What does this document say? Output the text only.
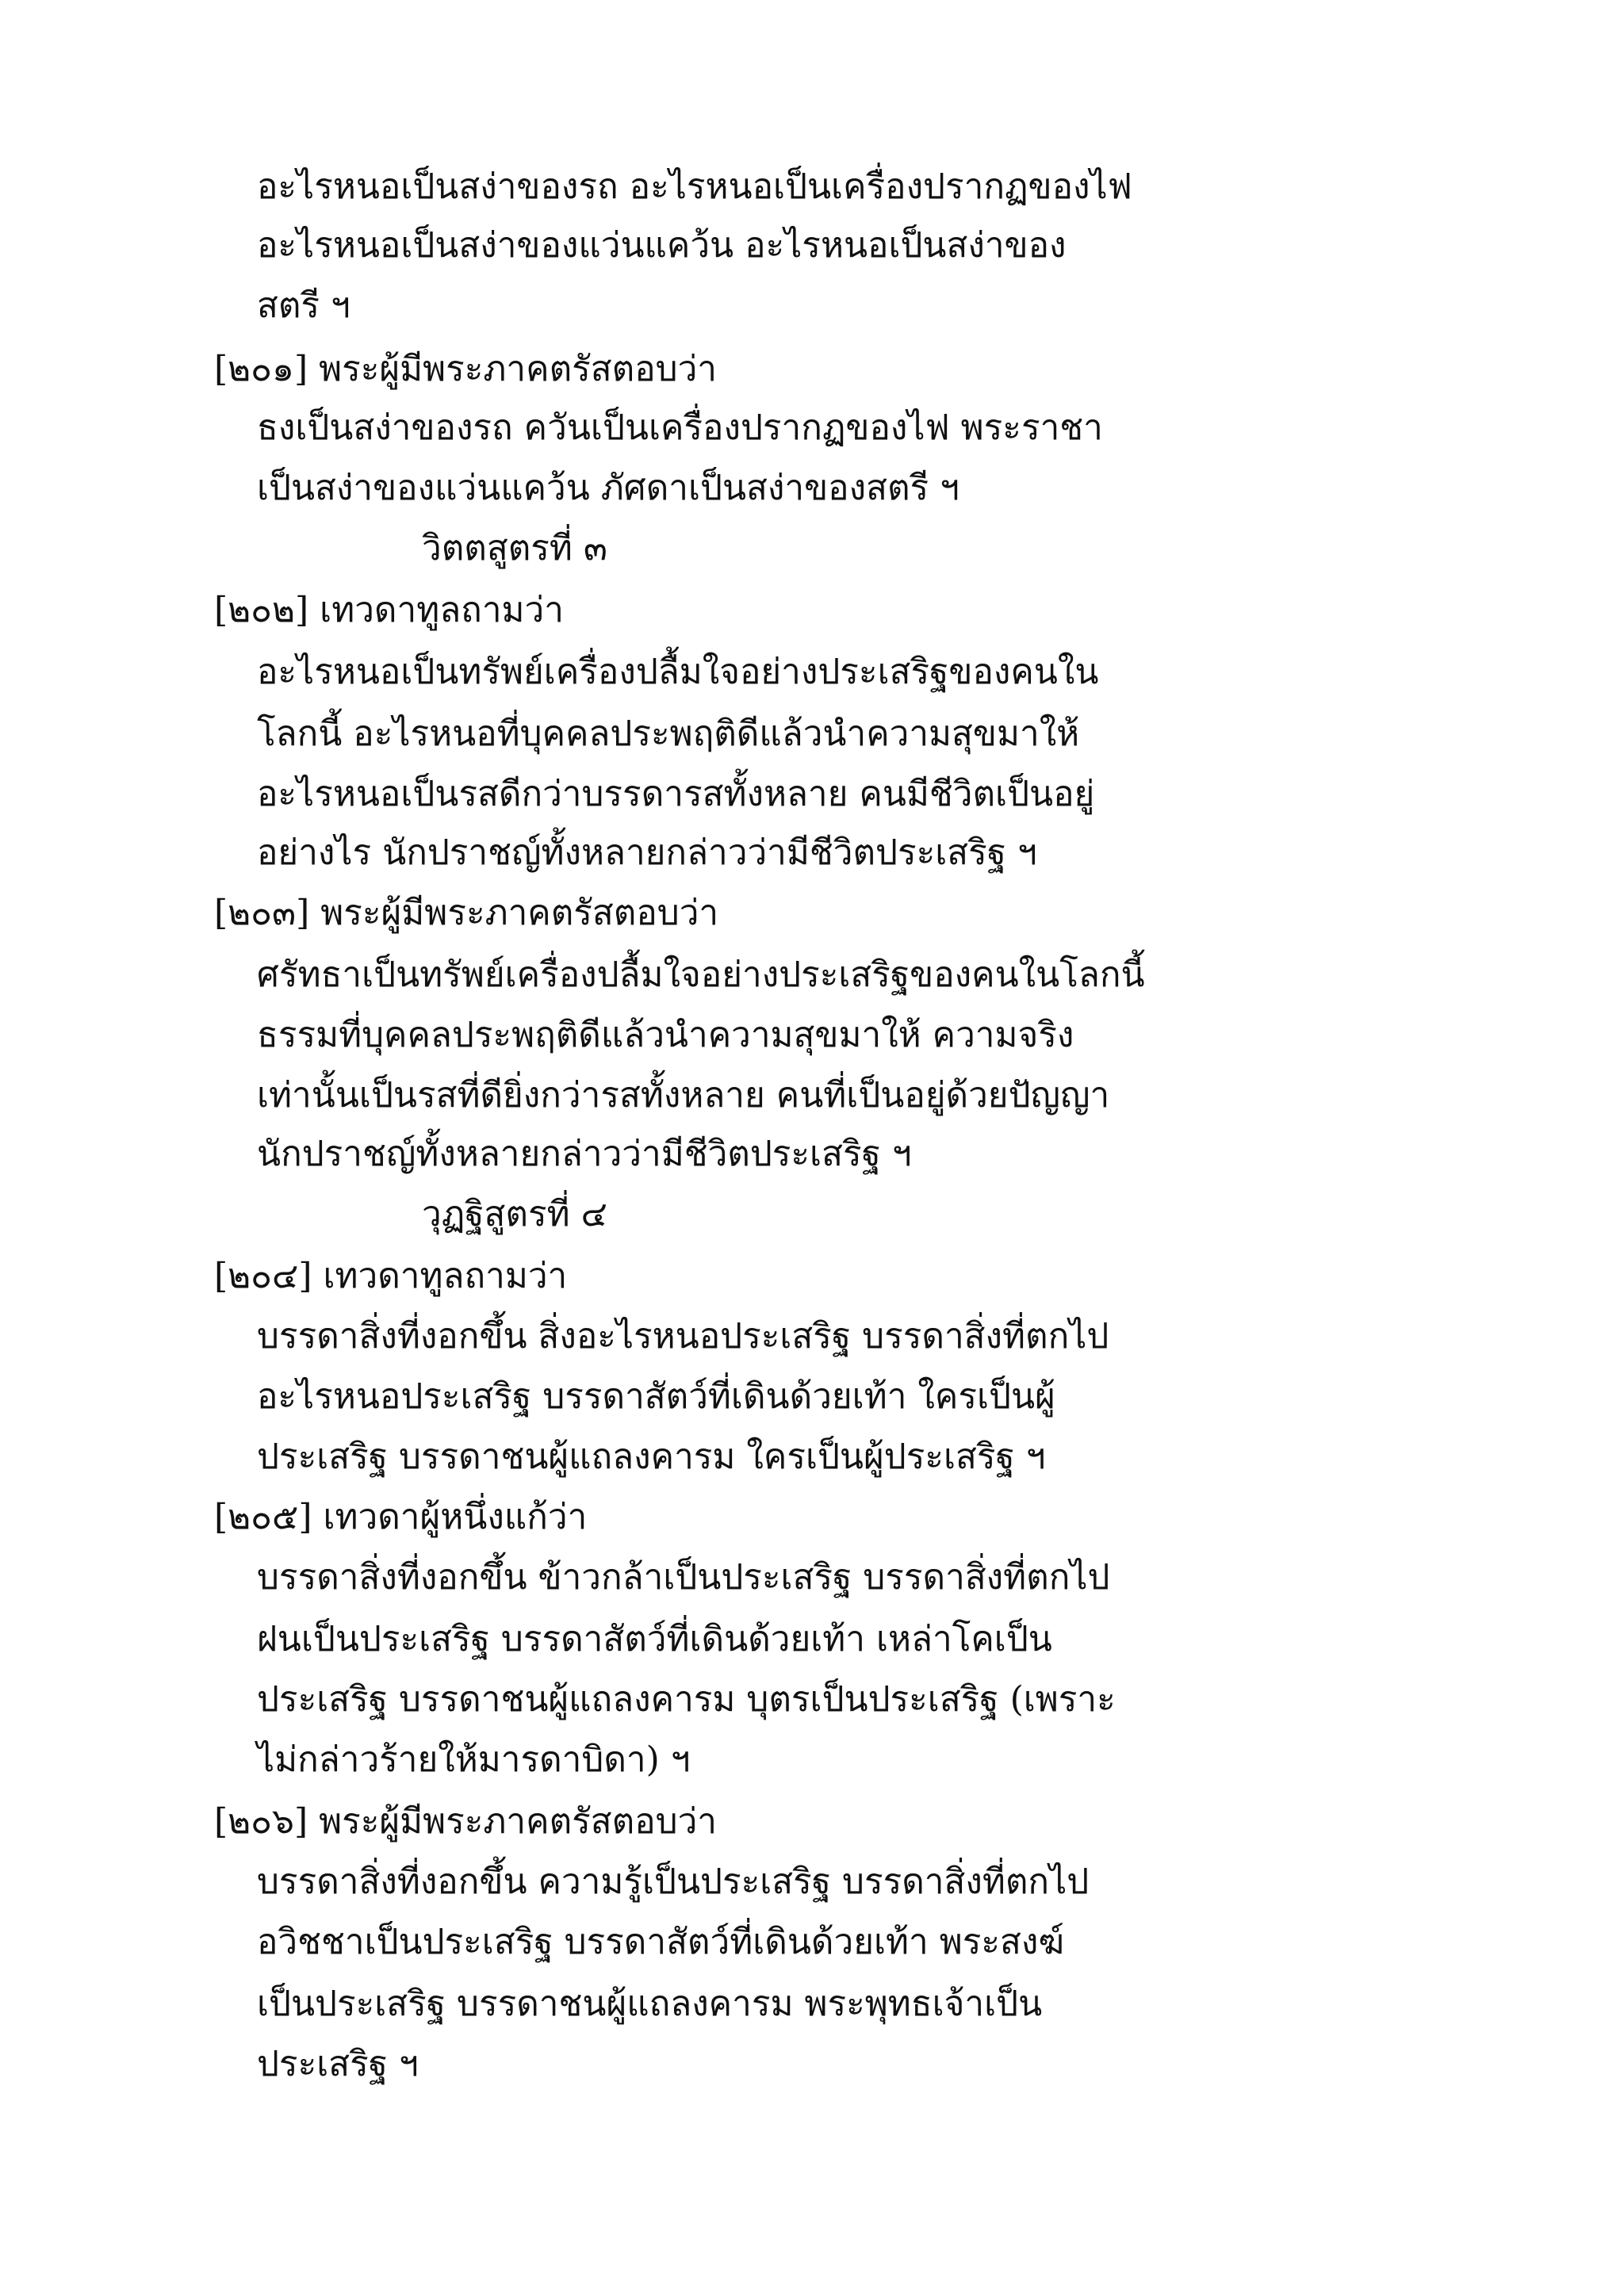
อะไรหนอเป็นสง่าของรถ อะไรหนอเป็นเครื่องปรากฏของไฟ
อะไรหนอเป็นสง่าของแว่นแคว้น อะไรหนอเป็นสง่าของ
สตรี ฯ
[๒๐๑] พระผู้มีพระภาคตรัสตอบว่า
ธงเป็นสง่าของรถ ควันเป็นเครื่องปรากฏของไฟ พระราชา
เป็นสง่าของแว่นแคว้น ภัศดาเป็นสง่าของสตรี ฯ
วิตตสูตรที่ ๓
[๒๐๒] เทวดาทูลถามว่า
อะไรหนอเป็นทรัพย์เครื่องปลื้มใจอย่างประเสริฐของคนใน
โลกนี้ อะไรหนอที่บุคคลประพฤติดีแล้วนำความสุขมาให้
อะไรหนอเป็นรสดีกว่าบรรดารสทั้งหลาย คนมีชีวิตเป็นอยู่
อย่างไร นักปราชญ์ทั้งหลายกล่าวว่ามีชีวิตประเสริฐ ฯ
[๒๐๓] พระผู้มีพระภาคตรัสตอบว่า
ศรัทธาเป็นทรัพย์เครื่องปลื้มใจอย่างประเสริฐของคนในโลกนี้
ธรรมที่บุคคลประพฤติดีแล้วนำความสุขมาให้ ความจริง
เท่านั้นเป็นรสที่ดียิ่งกว่ารสทั้งหลาย คนที่เป็นอยู่ด้วยปัญญา
นักปราชญ์ทั้งหลายกล่าวว่ามีชีวิตประเสริฐ ฯ
วุฏฐิสูตรที่ ๔
[๒๐๔] เทวดาทูลถามว่า
บรรดาสิ่งที่งอกขึ้น สิ่งอะไรหนอประเสริฐ บรรดาสิ่งที่ตกไป
อะไรหนอประเสริฐ บรรดาสัตว์ที่เดินด้วยเท้า ใครเป็นผู้
ประเสริฐ บรรดาชนผู้แถลงคารม ใครเป็นผู้ประเสริฐ ฯ
[๒๐๕] เทวดาผู้หนึ่งแก้ว่า
บรรดาสิ่งที่งอกขึ้น ข้าวกล้าเป็นประเสริฐ บรรดาสิ่งที่ตกไป
ฝนเป็นประเสริฐ บรรดาสัตว์ที่เดินด้วยเท้า เหล่าโคเป็น
ประเสริฐ บรรดาชนผู้แถลงคารม บุตรเป็นประเสริฐ (เพราะ
ไม่กล่าวร้ายให้มารดาบิดา) ฯ
[๒๐๖] พระผู้มีพระภาคตรัสตอบว่า
บรรดาสิ่งที่งอกขึ้น ความรู้เป็นประเสริฐ บรรดาสิ่งที่ตกไป
อวิชชาเป็นประเสริฐ บรรดาสัตว์ที่เดินด้วยเท้า พระสงฆ์
เป็นประเสริฐ บรรดาชนผู้แถลงคารม พระพุทธเจ้าเป็น
ประเสริฐ ฯ
